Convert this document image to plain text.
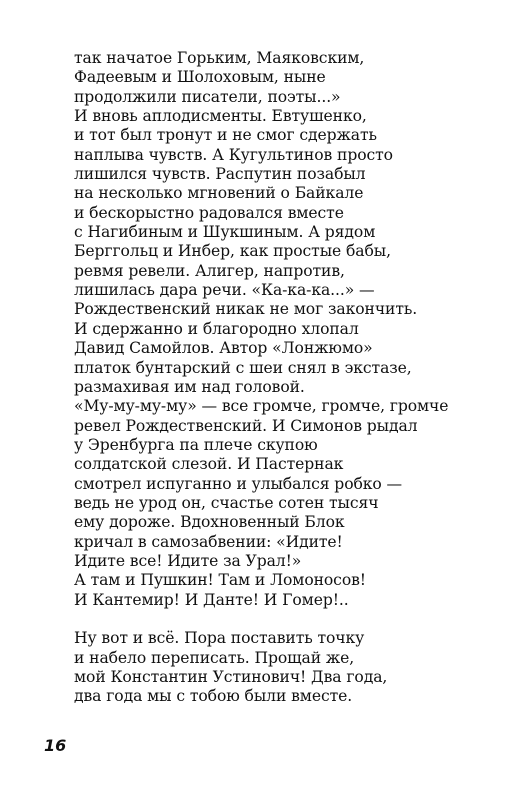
так начатое Горьким, Маяковским,
Фадеевым и Шолоховым, ныне
продолжили писатели, поэты...»
И вновь аплодисменты. Евтушенко,
и тот был тронут и не смог сдержать
наплыва чувств. А Кугультинов просто
лишился чувств. Распутин позабыл
на несколько мгновений о Байкале
и бескорыстно радовался вместе
с Нагибиным и Шукшиным. А рядом
Берггольц и Инбер, как простые бабы,
ревмя ревели. Алигер, напротив,
лишилась дара речи. «Ка-ка-ка...» —
Рождественский никак не мог закончить.
И сдержанно и благородно хлопал
Давид Самойлов. Автор «Лонжюмо»
платок бунтарский с шеи снял в экстазе,
размахивая им над головой.
«Му-му-му-му» — все громче, громче, громче
ревел Рождественский. И Симонов рыдал
у Эренбурга па плече скупою
солдатской слезой. И Пастернак
смотрел испуганно и улыбался робко —
ведь не урод он, счастье сотен тысяч
ему дороже. Вдохновенный Блок
кричал в самозабвении: «Идите!
Идите все! Идите за Урал!»
А там и Пушкин! Там и Ломоносов!
И Кантемир! И Данте! И Гомер!..
Ну вот и всё. Пора поставить точку
и набело переписать. Прощай же,
мой Константин Устинович! Два года,
два года мы с тобою были вместе.
16
